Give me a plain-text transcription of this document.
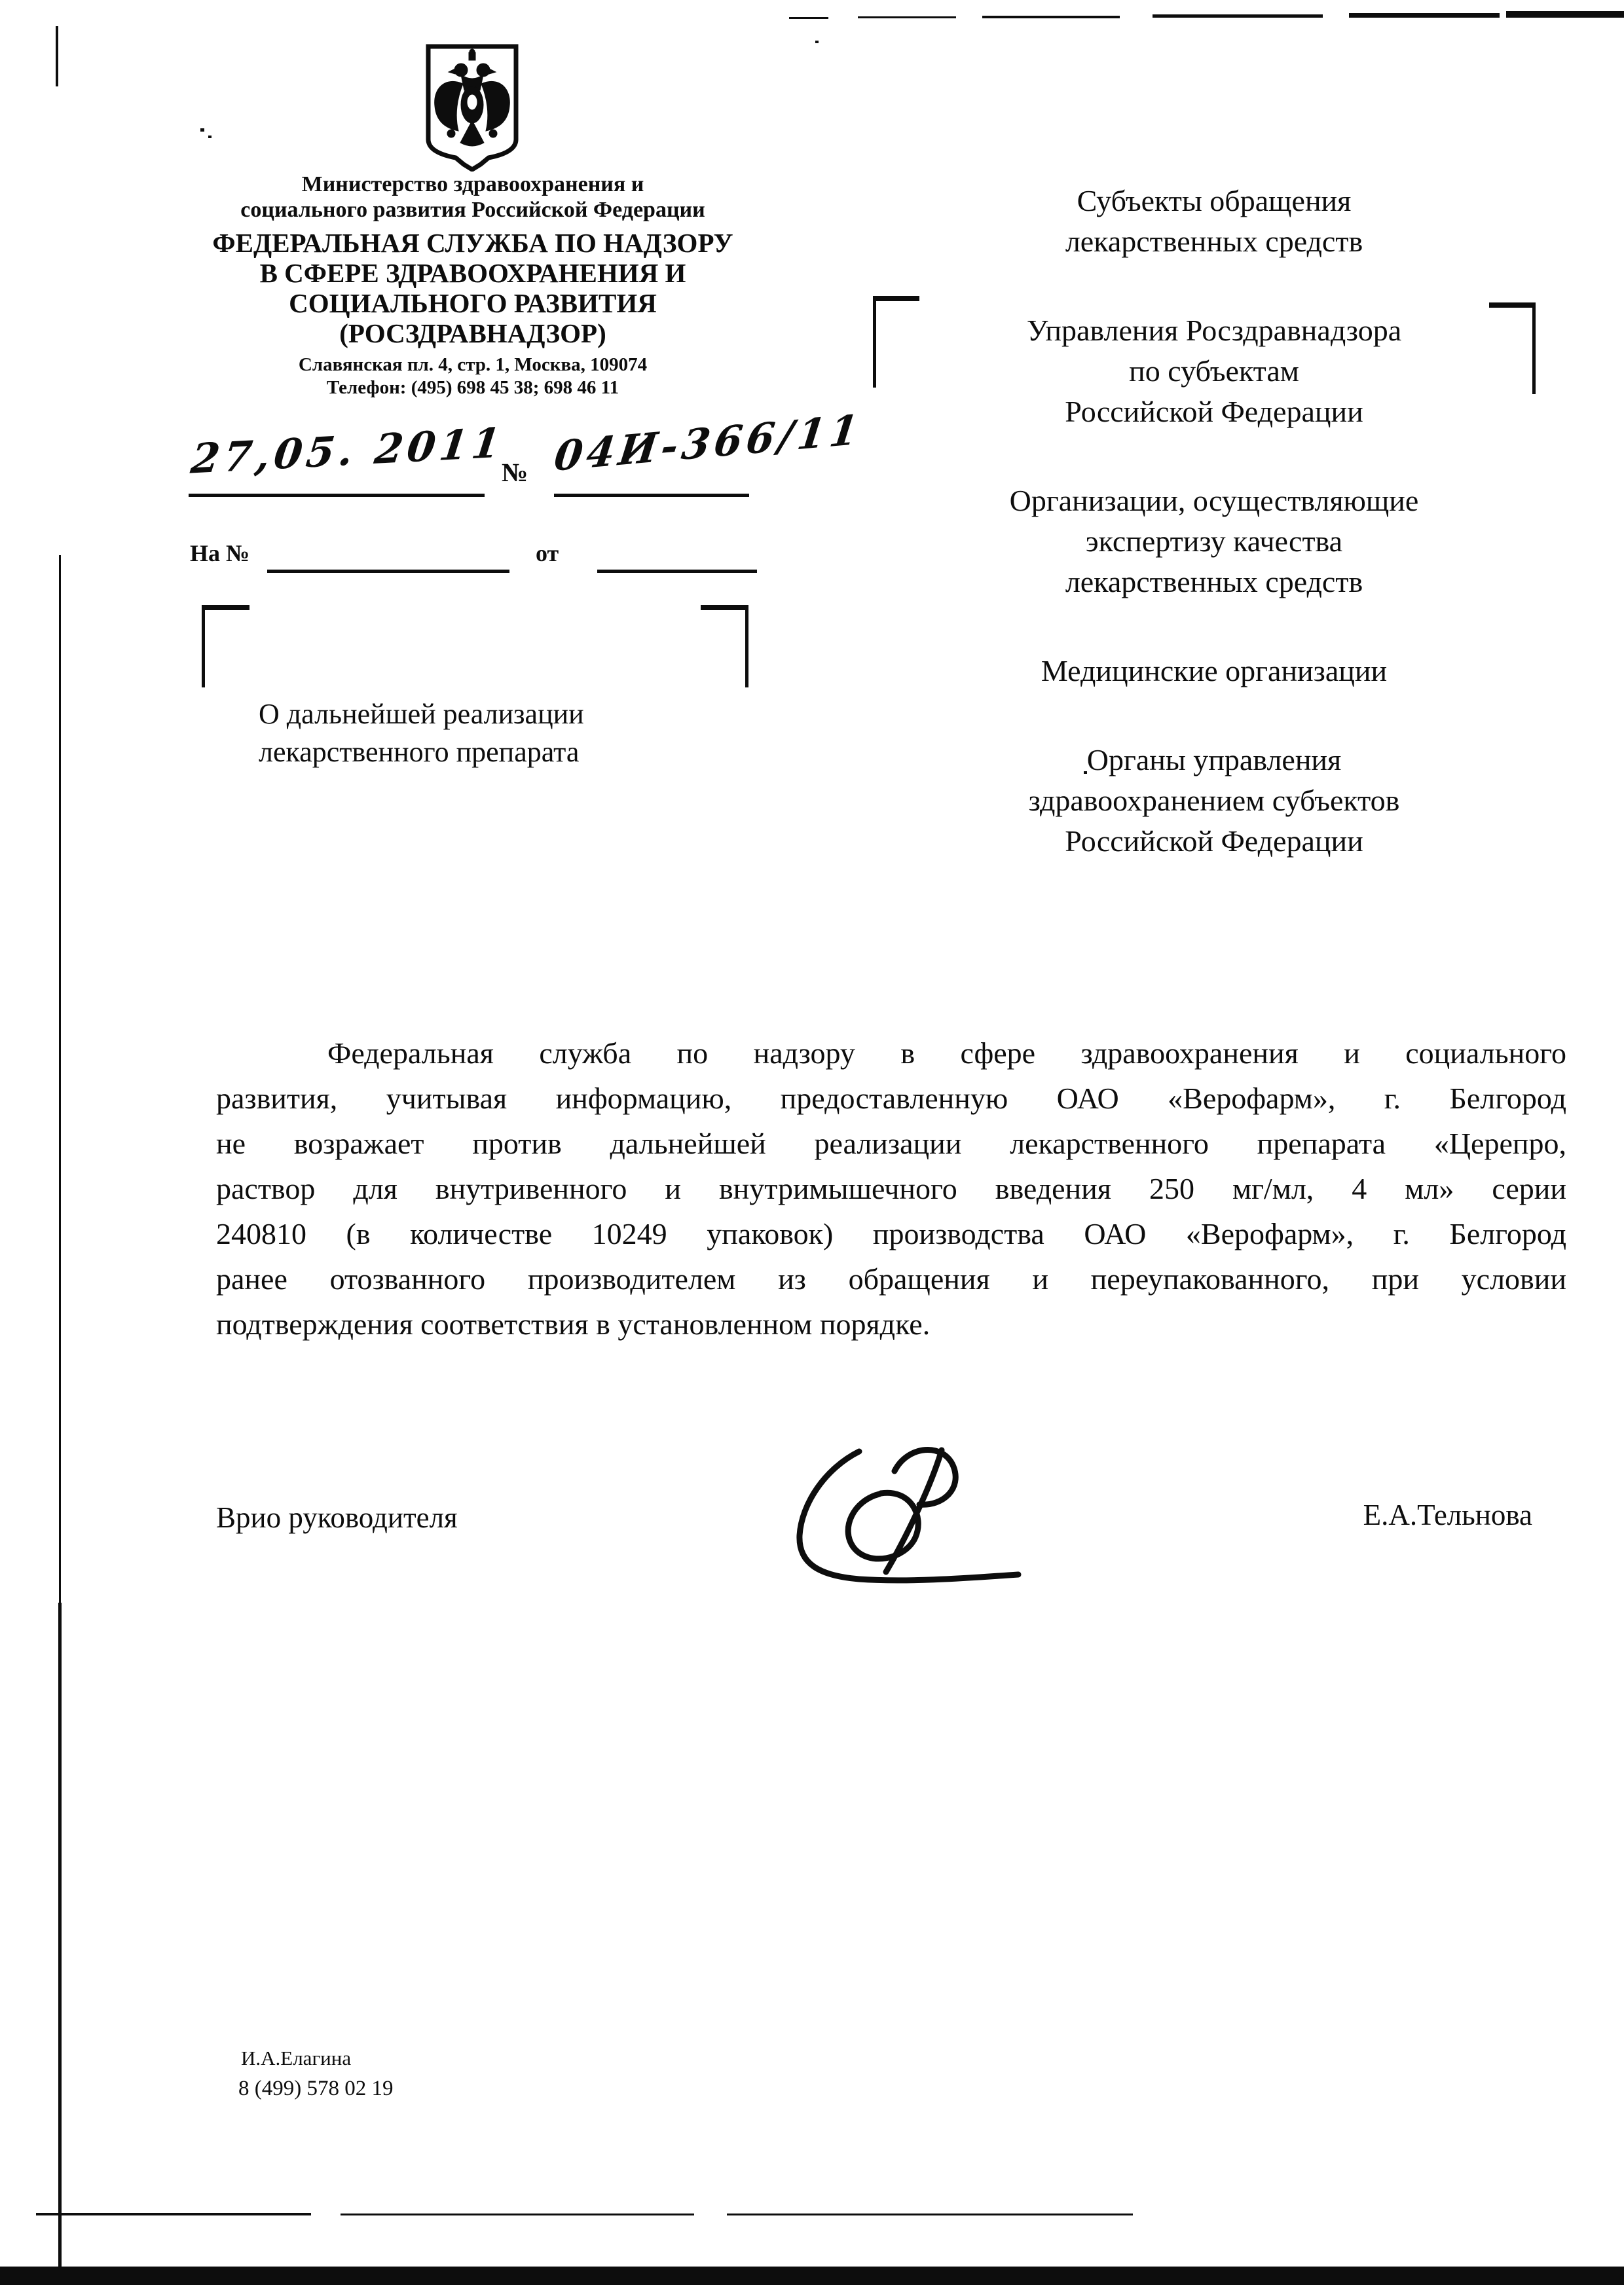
Министерство здравоохранения и
социального развития Российской Федерации
ФЕДЕРАЛЬНАЯ СЛУЖБА ПО НАДЗОРУ
В СФЕРЕ ЗДРАВООХРАНЕНИЯ И
СОЦИАЛЬНОГО РАЗВИТИЯ
(РОСЗДРАВНАДЗОР)
Славянская пл. 4, стр. 1, Москва, 109074
Телефон: (495) 698 45 38; 698 46 11
27,05. 2011
№ 04И-366/11
На №	от
Субъекты обращения
лекарственных средств
Управления Росздравнадзора
по субъектам
Российской Федерации
Организации, осуществляющие
экспертизу качества
лекарственных средств
Медицинские организации
Органы управления
здравоохранением субъектов
Российской Федерации
О дальнейшей реализации
лекарственного препарата
Федеральная служба по надзору в сфере здравоохранения и социального
развития, учитывая информацию, предоставленную ОАО «Верофарм», г. Белгород
не возражает против дальнейшей реализации лекарственного препарата «Церепро,
раствор для внутривенного и внутримышечного введения 250 мг/мл, 4 мл» серии
240810 (в количестве 10249 упаковок) производства ОАО «Верофарм», г. Белгород
ранее отозванного производителем из обращения и переупакованного, при условии
подтверждения соответствия в установленном порядке.
Врио руководителя	Е.А.Тельнова
И.А.Елагина
8 (499) 578 02 19
